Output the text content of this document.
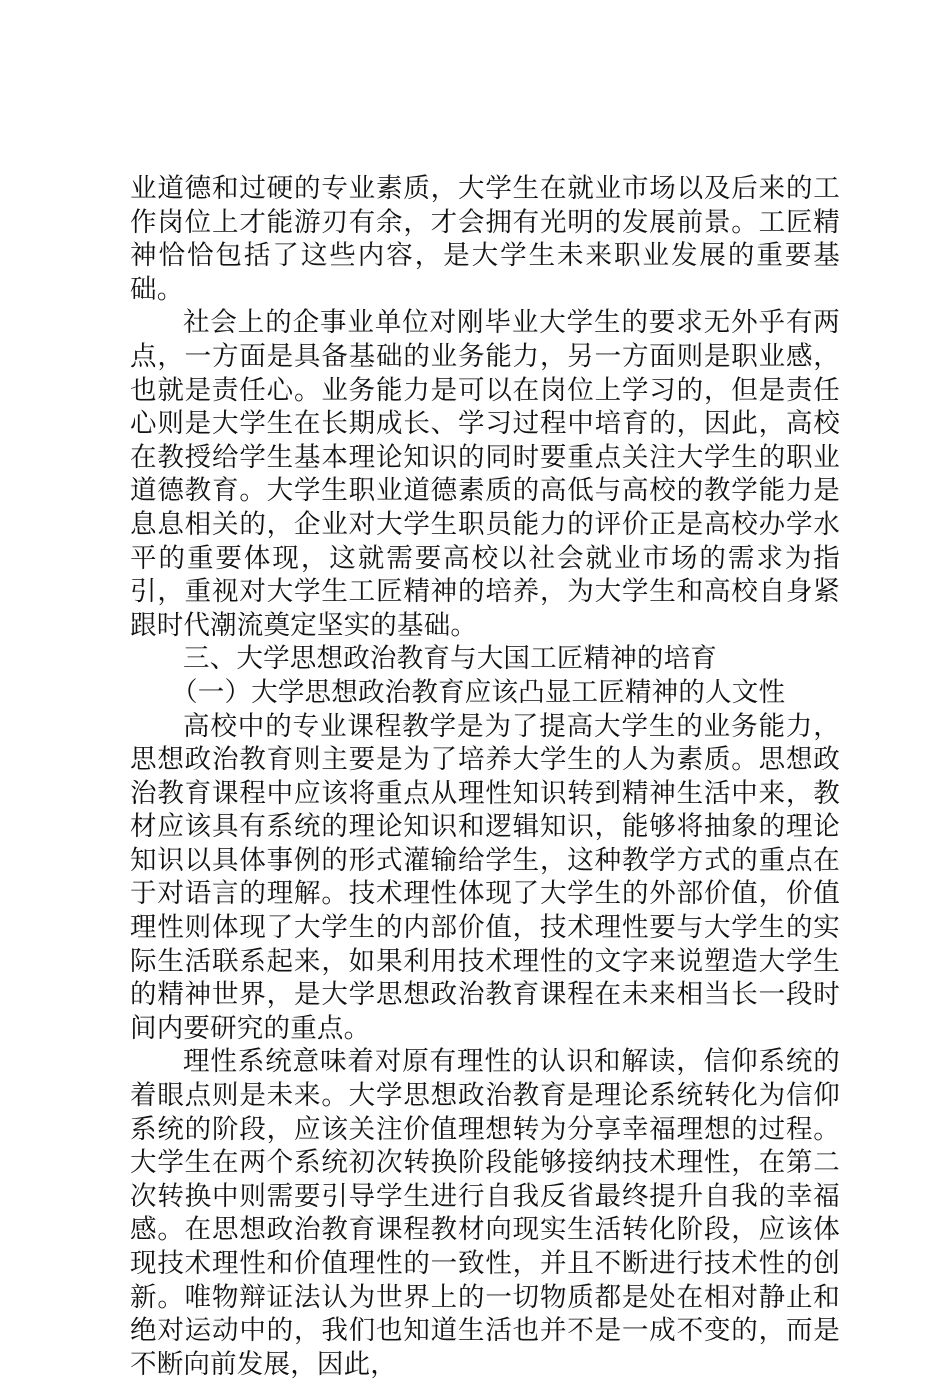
业道德和过硬的专业素质，大学生在就业市场以及后来的工作岗位上才能游刃有余，才会拥有光明的发展前景。工匠精神恰恰包括了这些内容，是大学生未来职业发展的重要基础。

社会上的企事业单位对刚毕业大学生的要求无外乎有两点，一方面是具备基础的业务能力，另一方面则是职业感，也就是责任心。业务能力是可以在岗位上学习的，但是责任心则是大学生在长期成长、学习过程中培育的，因此，高校在教授给学生基本理论知识的同时要重点关注大学生的职业道德教育。大学生职业道德素质的高低与高校的教学能力是息息相关的，企业对大学生职员能力的评价正是高校办学水平的重要体现，这就需要高校以社会就业市场的需求为指引，重视对大学生工匠精神的培养，为大学生和高校自身紧跟时代潮流奠定坚实的基础。

三、大学思想政治教育与大国工匠精神的培育

（一）大学思想政治教育应该凸显工匠精神的人文性

高校中的专业课程教学是为了提高大学生的业务能力，思想政治教育则主要是为了培养大学生的人为素质。思想政治教育课程中应该将重点从理性知识转到精神生活中来，教材应该具有系统的理论知识和逻辑知识，能够将抽象的理论知识以具体事例的形式灌输给学生，这种教学方式的重点在于对语言的理解。技术理性体现了大学生的外部价值，价值理性则体现了大学生的内部价值，技术理性要与大学生的实际生活联系起来，如果利用技术理性的文字来说塑造大学生的精神世界，是大学思想政治教育课程在未来相当长一段时间内要研究的重点。

理性系统意味着对原有理性的认识和解读，信仰系统的着眼点则是未来。大学思想政治教育是理论系统转化为信仰系统的阶段，应该关注价值理想转为分享幸福理想的过程。大学生在两个系统初次转换阶段能够接纳技术理性，在第二次转换中则需要引导学生进行自我反省最终提升自我的幸福感。在思想政治教育课程教材向现实生活转化阶段，应该体现技术理性和价值理性的一致性，并且不断进行技术性的创新。唯物辩证法认为世界上的一切物质都是处在相对静止和绝对运动中的，我们也知道生活也并不是一成不变的，而是不断向前发展，因此，
